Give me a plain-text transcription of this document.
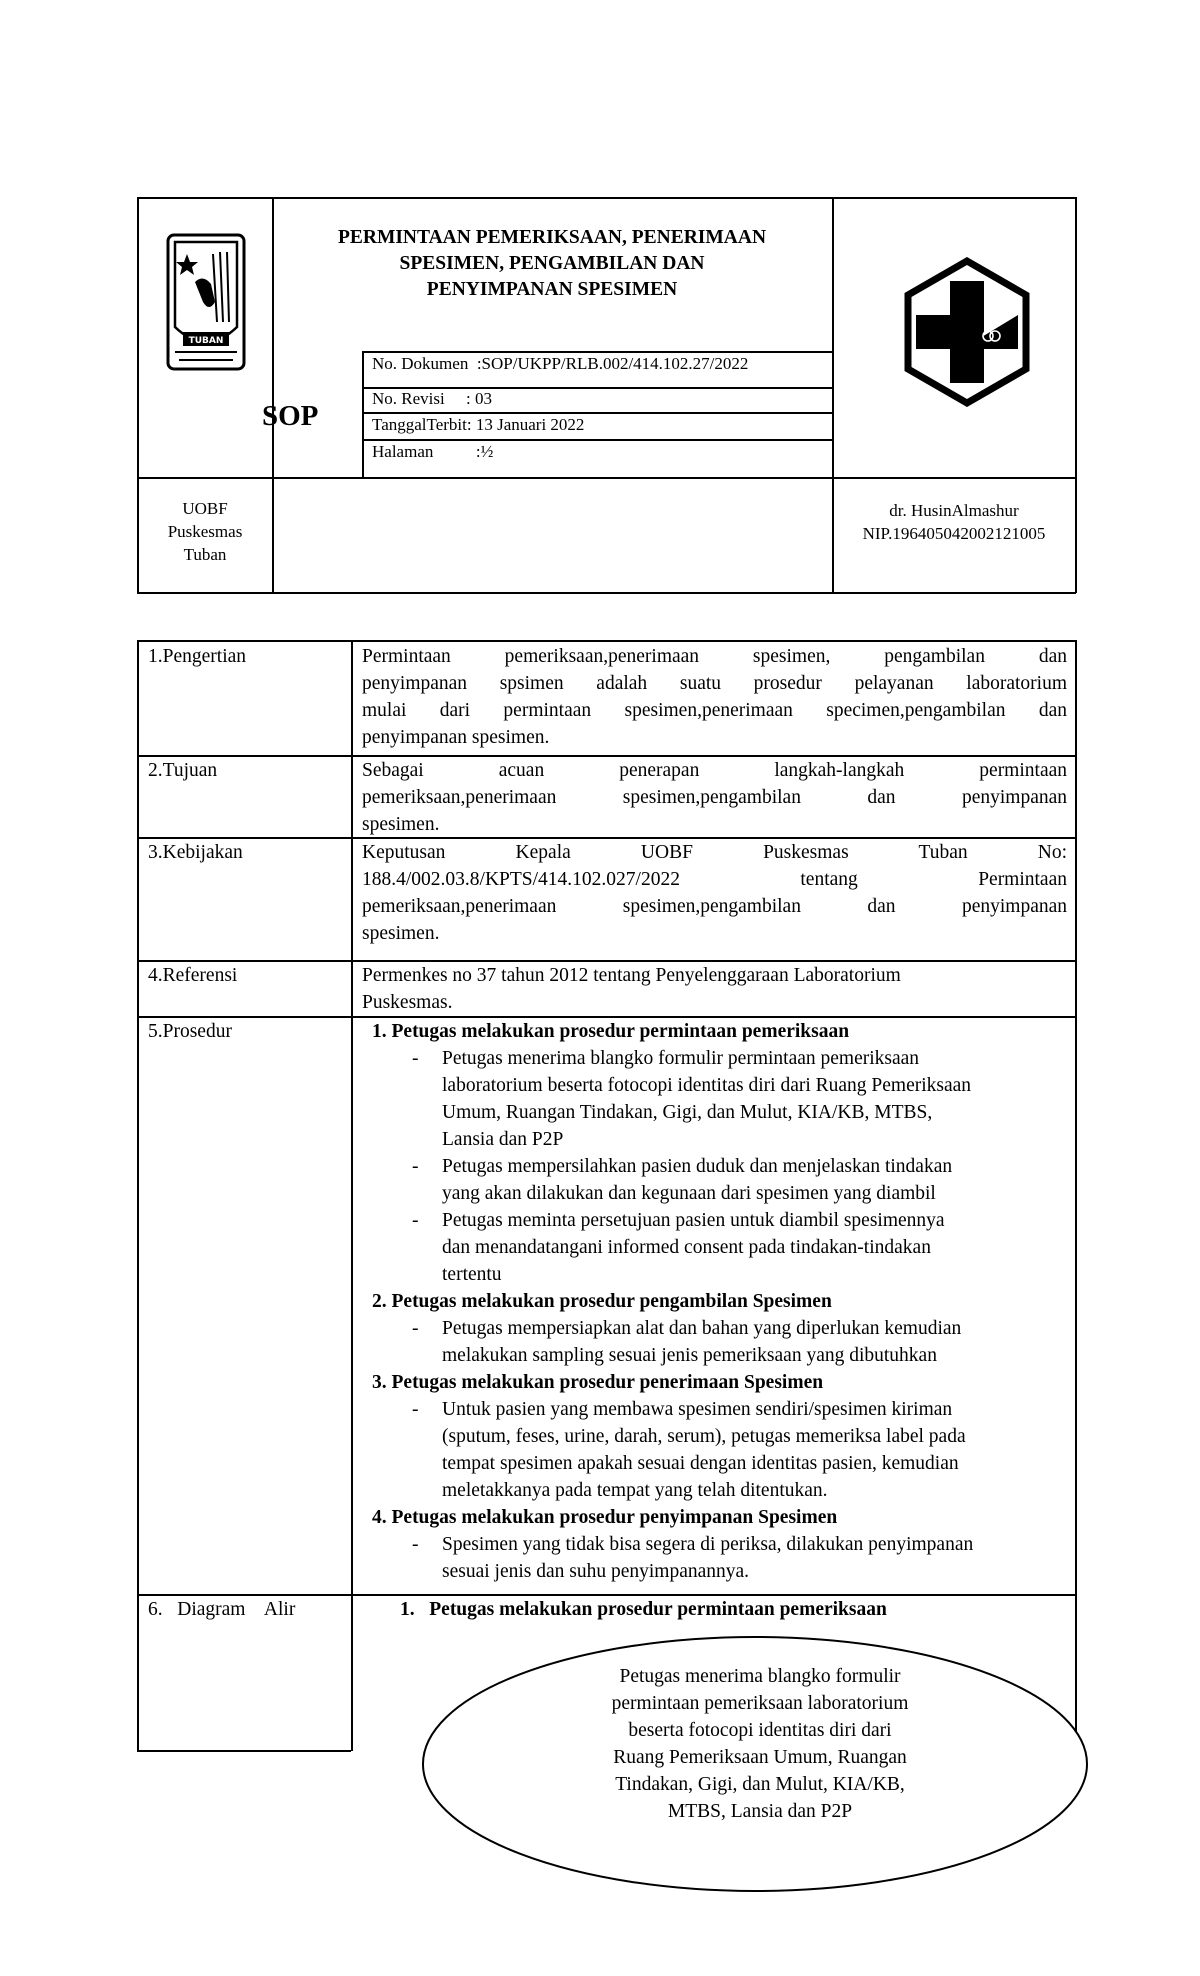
TUBAN
PERMINTAAN PEMERIKSAAN, PENERIMAAN
SPESIMEN, PENGAMBILAN DAN
PENYIMPANAN SPESIMEN
SOP
No. Dokumen  :SOP/UKPP/RLB.002/414.102.27/2022
No. Revisi     : 03
TanggalTerbit: 13 Januari 2022
Halaman          :½
UOBF
Puskesmas
Tuban
dr. HusinAlmashur
NIP.196405042002121005
1.Pengertian	Permintaan pemeriksaan,penerimaan spesimen, pengambilan dan
penyimpanan spsimen adalah suatu prosedur pelayanan laboratorium
mulai dari permintaan spesimen,penerimaan specimen,pengambilan dan
penyimpanan spesimen.
2.Tujuan	Sebagai acuan penerapan langkah-langkah permintaan
pemeriksaan,penerimaan spesimen,pengambilan dan penyimpanan
spesimen.
3.Kebijakan	Keputusan Kepala UOBF Puskesmas Tuban No:
188.4/002.03.8/KPTS/414.102.027/2022 tentang Permintaan
pemeriksaan,penerimaan spesimen,pengambilan dan penyimpanan
spesimen.
4.Referensi	Permenkes no 37 tahun 2012 tentang Penyelenggaraan Laboratorium
Puskesmas.
5.Prosedur	1. Petugas melakukan prosedur permintaan pemeriksaan
- Petugas menerima blangko formulir permintaan pemeriksaan
laboratorium beserta fotocopi identitas diri dari Ruang Pemeriksaan
Umum, Ruangan Tindakan, Gigi, dan Mulut, KIA/KB, MTBS,
Lansia dan P2P
- Petugas mempersilahkan pasien duduk dan menjelaskan tindakan
yang akan dilakukan dan kegunaan dari spesimen yang diambil
- Petugas meminta persetujuan pasien untuk diambil spesimennya
dan menandatangani informed consent pada tindakan-tindakan
tertentu
2. Petugas melakukan prosedur pengambilan Spesimen
- Petugas mempersiapkan alat dan bahan yang diperlukan kemudian
melakukan sampling sesuai jenis pemeriksaan yang dibutuhkan
3. Petugas melakukan prosedur penerimaan Spesimen
- Untuk pasien yang membawa spesimen sendiri/spesimen kiriman
(sputum, feses, urine, darah, serum), petugas memeriksa label pada
tempat spesimen apakah sesuai dengan identitas pasien, kemudian
meletakkanya pada tempat yang telah ditentukan.
4. Petugas melakukan prosedur penyimpanan Spesimen
- Spesimen yang tidak bisa segera di periksa, dilakukan penyimpanan
sesuai jenis dan suhu penyimpanannya.
6.   Diagram    Alir	1.   Petugas melakukan prosedur permintaan pemeriksaan
Petugas menerima blangko formulir
permintaan pemeriksaan laboratorium
beserta fotocopi identitas diri dari
Ruang Pemeriksaan Umum, Ruangan
Tindakan, Gigi, dan Mulut, KIA/KB,
MTBS, Lansia dan P2P
